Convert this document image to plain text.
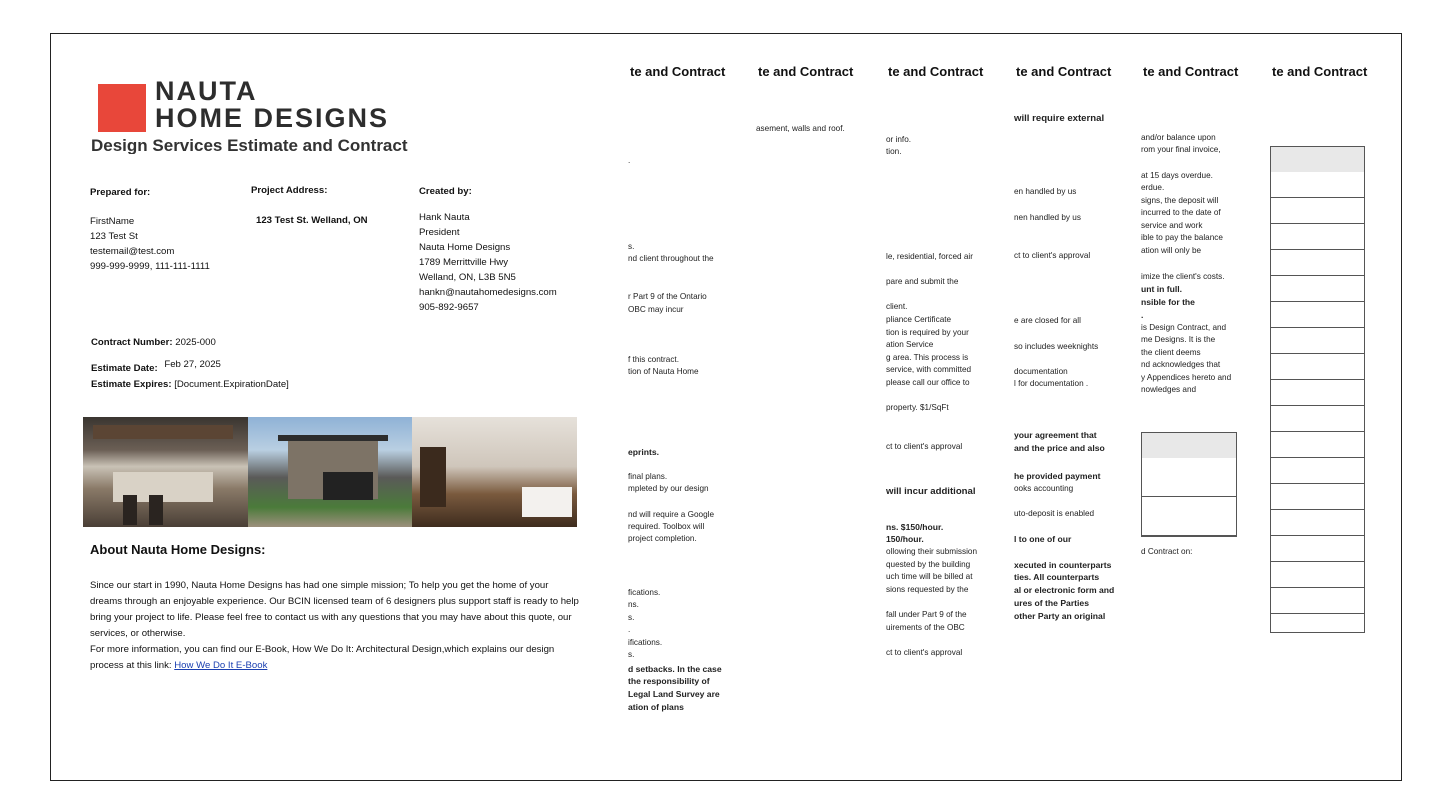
te and Contract
te and Contract
and/or balance upon
rom your final invoice,
at 15 days overdue.
erdue.
signs, the deposit will
incurred to the date of
service and work
ible to pay the balance
ation will only be
imize the client's costs.
unt in full.
nsible for the
.
is Design Contract, and
me Designs. It is the
the client deems
nd acknowledges that
y Appendices hereto and
nowledges and
d Contract on:
te and Contract
will require external
en handled by us
nen handled by us
ct to client's approval
e are closed for all
so includes weeknights
documentation
l for documentation .
your agreement that
and the price and also
he provided payment
ooks accounting
uto-deposit is enabled
l to one of our
xecuted in counterparts
ties. All counterparts
al or electronic form and
ures of the Parties
other Party an original
te and Contract
or info.
tion.
le, residential, forced air
pare and submit the
client.
pliance Certificate
tion is required by your
ation Service
g area. This process is
service, with committed
please call our office to
property. $1/SqFt
ct to client's approval
will incur additional
ns. $150/hour.
150/hour.
ollowing their submission
quested by the building
uch time will be billed at
sions requested by the
fall under Part 9 of the
uirements of the OBC
ct to client's approval
te and Contract
asement, walls and roof.
te and Contract
.
s.
nd client throughout the
r Part 9 of the Ontario
OBC may incur
f this contract.
tion of Nauta Home
eprints.
final plans.
mpleted by our design
nd will require a Google
required. Toolbox will
project completion.
fications.
ns.
s.
.
ifications.
s.
d setbacks. In the case
the responsibility of
Legal Land Survey are
ation of plans
NAUTA
HOME DESIGNS
Design Services Estimate and Contract
Prepared for:
FirstName
123 Test St
testemail@test.com
999-999-9999, 111-111-1111
Project Address:
123 Test St. Welland, ON
Created by:
Hank Nauta
President
Nauta Home Designs
1789 Merrittville Hwy
Welland, ON, L3B 5N5
hankn@nautahomedesigns.com
905-892-9657
Contract Number: 2025-000
Estimate Date: Feb 27, 2025
Estimate Expires: [Document.ExpirationDate]
About Nauta Home Designs:
Since our start in 1990, Nauta Home Designs has had one simple mission; To help you get the home of your dreams through an enjoyable experience. Our BCIN licensed team of 6 designers plus support staff is ready to help bring your project to life. Please feel free to contact us with any questions that you may have about this quote, our services, or otherwise.
For more information, you can find our E-Book, How We Do It: Architectural Design,which explains our design process at this link: How We Do It E-Book
